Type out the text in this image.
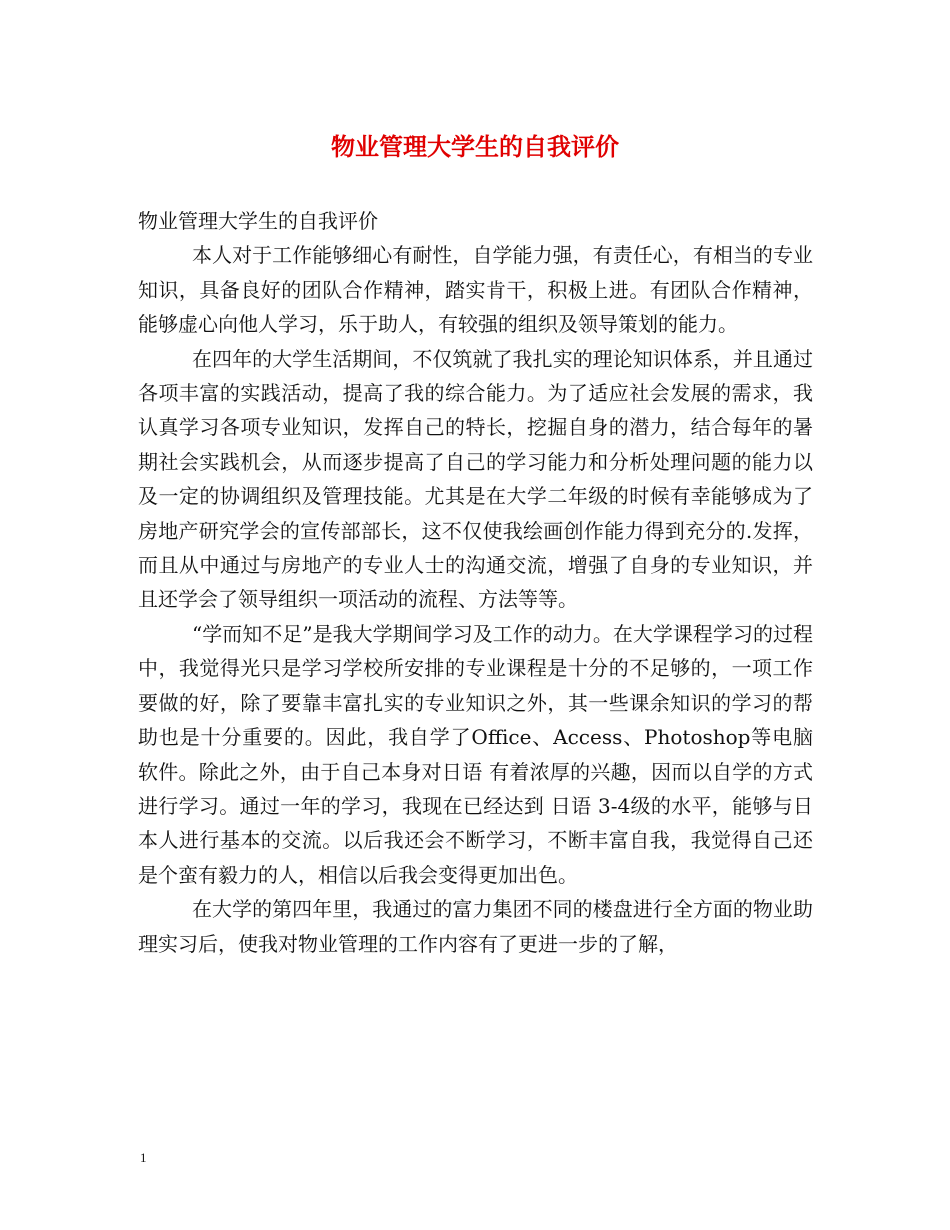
物业管理大学生的自我评价

物业管理大学生的自我评价

本人对于工作能够细心有耐性，自学能力强，有责任心，有相当的专业知识，具备良好的团队合作精神，踏实肯干，积极上进。有团队合作精神，能够虚心向他人学习，乐于助人，有较强的组织及领导策划的能力。

在四年的大学生活期间，不仅筑就了我扎实的理论知识体系，并且通过各项丰富的实践活动，提高了我的综合能力。为了适应社会发展的需求，我认真学习各项专业知识，发挥自己的特长，挖掘自身的潜力，结合每年的暑期社会实践机会，从而逐步提高了自己的学习能力和分析处理问题的能力以及一定的协调组织及管理技能。尤其是在大学二年级的时候有幸能够成为了房地产研究学会的宣传部部长，这不仅使我绘画创作能力得到充分的.发挥，而且从中通过与房地产的专业人士的沟通交流，增强了自身的专业知识，并且还学会了领导组织一项活动的流程、方法等等。

“学而知不足”是我大学期间学习及工作的动力。在大学课程学习的过程中，我觉得光只是学习学校所安排的专业课程是十分的不足够的，一项工作要做的好，除了要靠丰富扎实的专业知识之外，其一些课余知识的学习的帮助也是十分重要的。因此，我自学了Office、Access、Photoshop等电脑软件。除此之外，由于自己本身对日语 有着浓厚的兴趣，因而以自学的方式进行学习。通过一年的学习，我现在已经达到 日语 3-4级的水平，能够与日本人进行基本的交流。以后我还会不断学习，不断丰富自我，我觉得自己还是个蛮有毅力的人，相信以后我会变得更加出色。

在大学的第四年里，我通过的富力集团不同的楼盘进行全方面的物业助理实习后，使我对物业管理的工作内容有了更进一步的了解，

1
